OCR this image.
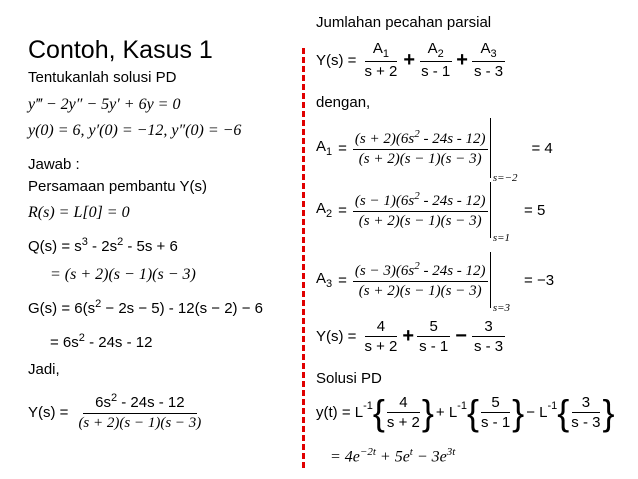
Contoh, Kasus 1
Tentukanlah solusi PD
y‴ − 2y″ − 5y′ + 6y = 0
y(0) = 6, y′(0) = −12, y″(0) = −6
Jawab :
Persamaan pembantu Y(s)
R(s) = L[0] = 0
$Q(s) = s^3 - 2s^2 - 5s + 6$
= (s + 2)(s − 1)(s − 3)
$G(s) = 6(s^2 - 2s - 5) - 12(s - 2) - 6$
= $6s^2 - 24s - 12$
Jadi,
$Y(s) = \frac{6s^2 - 24s - 12}{(s + 2)(s - 1)(s - 3)}$
Jumlahan pecahan parsial
$Y(s) = \frac{A_1}{s + 2} + \frac{A_2}{s - 1} + \frac{A_3}{s - 3}$
dengan,
$A_1 = \frac{(s + 2)(6s^2 - 24s - 12)}{(s + 2)(s - 1)(s - 3)}$
s=−2
= 4
$A_2 = \frac{(s - 1)(6s^2 - 24s - 12)}{(s + 2)(s - 1)(s - 3)}$
s=1
= 5
$A_3 = \frac{(s - 3)(6s^2 - 24s - 12)}{(s + 2)(s - 1)(s - 3)}$
s=3
= −3
$Y(s) = \frac{4}{s + 2} + \frac{5}{s - 1} - \frac{3}{s - 3}$
Solusi PD
$y(t) = L^{-1}$ { $\frac{4}{s + 2}$ } + $L^{-1}$ { $\frac{5}{s - 1}$ } − $L^{-1}$ { $\frac{3}{s - 3}$ }
= $4e^{-2t} + 5e^t - 3e^{3t}$
